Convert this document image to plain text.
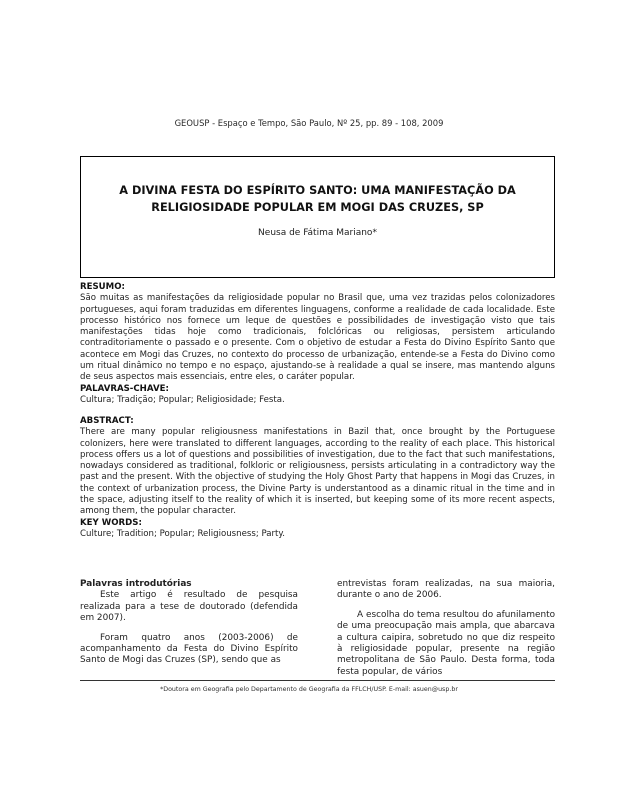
GEOUSP - Espaço e Tempo, São Paulo, Nº 25, pp. 89 - 108, 2009
A DIVINA FESTA DO ESPÍRITO SANTO: UMA MANIFESTAÇÃO DA
RELIGIOSIDADE POPULAR EM MOGI DAS CRUZES, SP
Neusa de Fátima Mariano*
RESUMO:
São muitas as manifestações da religiosidade popular no Brasil que, uma vez trazidas pelos colonizadores portugueses, aqui foram traduzidas em diferentes linguagens, conforme a realidade de cada localidade. Este processo histórico nos fornece um leque de questões e possibilidades de investigação visto que tais manifestações tidas hoje como tradicionais, folclóricas ou religiosas, persistem articulando contraditoriamente o passado e o presente. Com o objetivo de estudar a Festa do Divino Espírito Santo que acontece em Mogi das Cruzes, no contexto do processo de urbanização, entende-se a Festa do Divino como um ritual dinâmico no tempo e no espaço, ajustando-se à realidade a qual se insere, mas mantendo alguns de seus aspectos mais essenciais, entre eles, o caráter popular.
PALAVRAS-CHAVE:
Cultura; Tradição; Popular; Religiosidade; Festa.
ABSTRACT:
There are many popular religiousness manifestations in Bazil that, once brought by the Portuguese colonizers, here were translated to different languages, according to the reality of each place. This historical process offers us a lot of questions and possibilities of investigation, due to the fact that such manifestations, nowadays considered as traditional, folkloric or religiousness, persists articulating in a contradictory way the past and the present. With the objective of studying the Holy Ghost Party that happens in Mogi das Cruzes, in the context of urbanization process, the Divine Party is understantood as a dinamic ritual in the time and in the space, adjusting itself to the reality of which it is inserted, but keeping some of its more recent aspects, among them, the popular character.
KEY WORDS:
Culture; Tradition; Popular; Religiousness; Party.

Palavras introdutórias

Este artigo é resultado de pesquisa realizada para a tese de doutorado (defendida em 2007).

Foram quatro anos (2003-2006) de acompanhamento da Festa do Divino Espírito Santo de Mogi das Cruzes (SP), sendo que as

entrevistas foram realizadas, na sua maioria, durante o ano de 2006.

A escolha do tema resultou do afunilamento de uma preocupação mais ampla, que abarcava a cultura caipira, sobretudo no que diz respeito à religiosidade popular, presente na região metropolitana de São Paulo. Desta forma, toda festa popular, de vários

*Doutora em Geografia pelo Departamento de Geografia da FFLCH/USP. E-mail: asuen@usp.br
